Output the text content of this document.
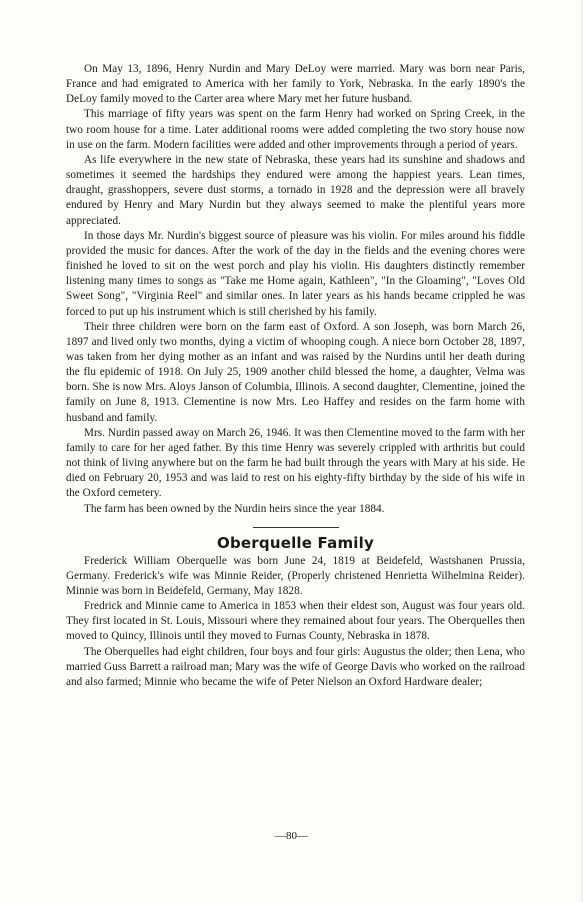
On May 13, 1896, Henry Nurdin and Mary DeLoy were married. Mary was born near Paris, France and had emigrated to America with her family to York, Nebraska. In the early 1890's the DeLoy family moved to the Carter area where Mary met her future husband.

This marriage of fifty years was spent on the farm Henry had worked on Spring Creek, in the two room house for a time. Later additional rooms were added completing the two story house now in use on the farm. Modern facilities were added and other improvements through a period of years.

As life everywhere in the new state of Nebraska, these years had its sunshine and shadows and sometimes it seemed the hardships they endured were among the happiest years. Lean times, draught, grasshoppers, severe dust storms, a tornado in 1928 and the depression were all bravely endured by Henry and Mary Nurdin but they always seemed to make the plentiful years more appreciated.

In those days Mr. Nurdin's biggest source of pleasure was his violin. For miles around his fiddle provided the music for dances. After the work of the day in the fields and the evening chores were finished he loved to sit on the west porch and play his violin. His daughters distinctly remember listening many times to songs as "Take me Home again, Kathleen", "In the Gloaming", "Loves Old Sweet Song", "Virginia Reel" and similar ones. In later years as his hands became crippled he was forced to put up his instrument which is still cherished by his family.

Their three children were born on the farm east of Oxford. A son Joseph, was born March 26, 1897 and lived only two months, dying a victim of whooping cough. A niece born October 28, 1897, was taken from her dying mother as an infant and was raised by the Nurdins until her death during the flu epidemic of 1918. On July 25, 1909 another child blessed the home, a daughter, Velma was born. She is now Mrs. Aloys Janson of Columbia, Illinois. A second daughter, Clementine, joined the family on June 8, 1913. Clementine is now Mrs. Leo Haffey and resides on the farm home with husband and family.

Mrs. Nurdin passed away on March 26, 1946. It was then Clementine moved to the farm with her family to care for her aged father. By this time Henry was severely crippled with arthritis but could not think of living anywhere but on the farm he had built through the years with Mary at his side. He died on February 20, 1953 and was laid to rest on his eighty-fifty birthday by the side of his wife in the Oxford cemetery.

The farm has been owned by the Nurdin heirs since the year 1884.

Oberquelle Family

Frederick William Oberquelle was born June 24, 1819 at Beidefeld, Wastshanen Prussia, Germany. Frederick's wife was Minnie Reider, (Properly christened Henrietta Wilhelmina Reider). Minnie was born in Beidefeld, Germany, May 1828.

Fredrick and Minnie came to America in 1853 when their eldest son, August was four years old. They first located in St. Louis, Missouri where they remained about four years. The Oberquelles then moved to Quincy, Illinois until they moved to Furnas County, Nebraska in 1878.

The Oberquelles had eight children, four boys and four girls: Augustus the older; then Lena, who married Guss Barrett a railroad man; Mary was the wife of George Davis who worked on the railroad and also farmed; Minnie who became the wife of Peter Nielson an Oxford Hardware dealer;

—80—
